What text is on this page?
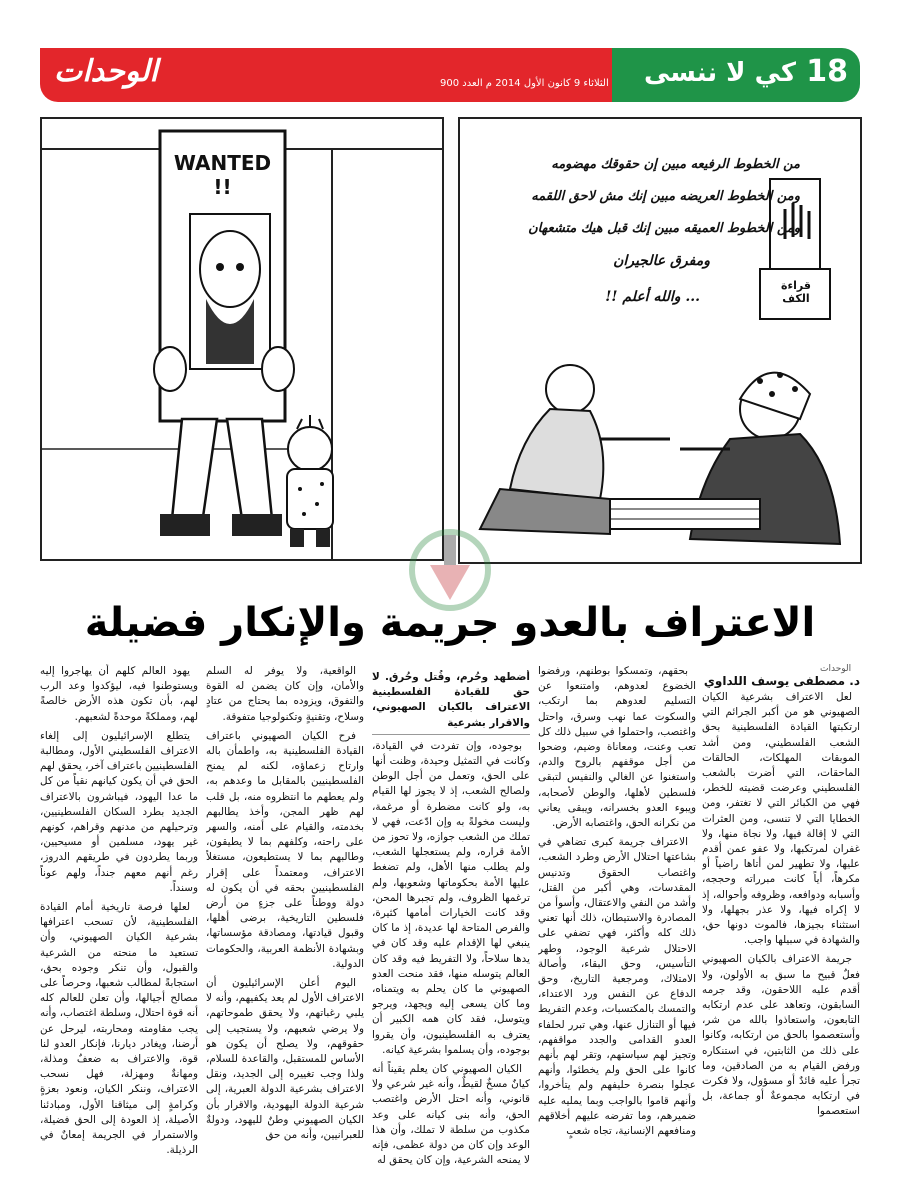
الوحدات	الثلاثاء 9 كانون الأول 2014 م العدد 900 كي لا ننسى 18
WANTED !!
من الخطوط الرفيعه مبين إن حقوقك مهضومه
ومن الخطوط العريضه مبين إنك مش لاحق اللقمه
ومن الخطوط العميقه مبين إنك قبل هيك متشعهان
ومفرق عالجيران
... والله أعلم !!
قراءة الكف
الاعتراف بالعدو جريمة والإنكار فضيلة
الوحدات
د. مصطفى يوسف اللداوي

لعل الاعتراف بشرعية الكيان الصهيوني هو من أكبر الجرائم التي ارتكبتها القيادة الفلسطينية بحق الشعب الفلسطيني، ومن أشد الموبقات المهلكات، الحالقات الماحقات، التي أضرت بالشعب الفلسطيني وعرضت قضيته للخطر، فهي من الكبائر التي لا تغتفر، ومن الخطايا التي لا تنسى، ومن العثرات التي لا إقالة فيها، ولا نجاة منها، ولا غفران لمرتكبها، ولا عفو عمن أقدم عليها، ولا تطهير لمن أتاها راضياً أو مكرهاً، أياً كانت مبرراته وحججه، وأسبابه ودوافعه، وظروفه وأحواله، إذ لا إكراه فيها، ولا عذر بجهلها، ولا استثناء بجيزها، فالموت دونها حق، والشهادة في سبيلها واجب.

جريمة الاعتراف بالكيان الصهيوني فعلٌ قبيح ما سبق به الأولون، ولا أقدم عليه اللاحقون، وقد جرمه السابقون، وتعاهد على عدم ارتكابه التابعون، واستعاذوا بالله من شر، وأستعصموا بالحق من ارتكابه، وكانوا على ذلك من الثابتين، في استنكاره ورفض القيام به من الصادقين، وما تجرأ عليه قائدٌ أو مسؤول، ولا فكرت في ارتكابه مجموعةٌ أو جماعة، بل استعصموا

بحقهم، وتمسكوا بوطنهم، ورفضوا الخضوع لعدوهم، وامتنعوا عن التسليم لعدوهم بما ارتكب، والسكوت عما نهب وسرق، واحتل واغتصب، واحتملوا في سبيل ذلك كل تعب وعنت، ومعاناة وضيم، وضحوا من أجل موقفهم بالروح والدم، واستغنوا عن الغالي والنفيس لتبقى فلسطين لأهلها، والوطن لأصحابه، ويبوء العدو بخسرانه، ويبقى يعاني من نكرانه الحق، واغتصابه الأرض.

الاعتراف جريمة كبرى تضاهي في بشاعتها احتلال الأرض وطرد الشعب، واغتصاب الحقوق وتدنيس المقدسات، وهي أكبر من القتل، وأشد من النفي والاعتقال، وأسوأ من المصادرة والاستيطان، ذلك أنها تعني ذلك كله وأكثر، فهي تضفي على الاحتلال شرعية الوجود، وطهر التأسيس، وحق البقاء، وأصالة الامتلاك، ومرجعية التاريخ، وحق الدفاع عن النفس ورد الاعتداء، والتمسك بالمكتسبات، وعدم التفريط فيها أو التنازل عنها، وهي تبرر لحلفاء العدو القدامى والجدد مواقفهم، وتجيز لهم سياستهم، وتقر لهم بأنهم كانوا على الحق ولم يخطئوا، وأنهم عجلوا بنصرة حليفهم ولم يتأخروا، وأنهم قاموا بالواجب وبما يمليه عليه ضميرهم، وما تفرضه عليهم أخلاقهم ومنافعهم الإنسانية، تجاه شعبٍ

أضطهد وحُرم، وقُتل وحُرق. لا حق للقيادة الفلسطينية الاعتراف بالكيان الصهيوني، والاقرار بشرعية

بوجوده، وإن تفردت في القيادة، وكانت في التمثيل وحيدة، وظنت أنها على الحق، وتعمل من أجل الوطن ولصالح الشعب، إذ لا يجوز لها القيام به، ولو كانت مضطرة أو مرغمة، وليست مخولةً به وإن ادّعت، فهي لا تملك من الشعب جوازه، ولا تحوز من الأمة قراره، ولم يستعجلها الشعب، ولم يطلب منها الأهل، ولم تضغط عليها الأمة بحكوماتها وشعوبها، ولم ترغمها الظروف، ولم تجبرها المحن، وقد كانت الخيارات أمامها كثيرة، والفرص المتاحة لها عديدة، إذ ما كان ينبغي لها الإقدام عليه وقد كان في يدها سلاحاً، ولا التفريط فيه وقد كان العالم يتوسله منها، فقد منحت العدو الصهيوني ما كان يحلم به ويتمناه، وما كان يسعى إليه ويجهد، ويرجو ويتوسل، فقد كان همه الكبير أن يعترف به الفلسطينيون، وأن يقروا بوجوده، وأن يسلموا بشرعية كيانه.

الكيان الصهيوني كان يعلم يقيناً أنه كيانٌ مسخٌ لقيطٌ، وأنه غير شرعي ولا قانوني، وأنه احتل الأرض واغتصب الحق، وأنه بنى كيانه على وعد مكذوب من سلطة لا تملك، وأن هذا الوعد وإن كان من دولة عظمى، فإنه لا يمنحه الشرعية، وإن كان يحقق له

الواقعية، ولا يوفر له السلم والأمان، وإن كان يضمن له القوة والتفوق، ويزوده بما يحتاج من عتادٍ وسلاح، وتقنيةٍ وتكنولوجيا متفوقة.

فرح الكيان الصهيوني باعتراف القيادة الفلسطينية به، واطمأن باله وارتاح زعماؤه، لكنه لم يمنح الفلسطينيين بالمقابل ما وعدهم به، ولم يعطهم ما انتظروه منه، بل قلب لهم ظهر المجن، وأخذ يطالبهم بخدمته، والقيام على أمنه، والسهر على راحته، وكلفهم بما لا يطيقون، وطالبهم بما لا يستطيعون، مستغلاً الاعتراف، ومعتمداً على إقرار الفلسطينيين بحقه في أن يكون له دولة ووطناً على جزءٍ من أرض فلسطين التاريخية، برضى أهلها، وقبول قيادتها، ومصادقة مؤسساتها، وبشهادة الأنظمة العربية، والحكومات الدولية.

اليوم أعلن الإسرائيليون أن الاعتراف الأول لم يعد يكفيهم، وأنه لا يلبي رغباتهم، ولا يحقق طموحاتهم، ولا يرضي شعبهم، ولا يستجيب إلى حقوقهم، ولا يصلح أن يكون هو الأساس للمستقبل، والقاعدة للسلام، ولذا وجب تغييره إلى الجديد، ونقل الاعتراف بشرعية الدولة العبرية، إلى شرعية الدولة اليهودية، والاقرار بأن الكيان الصهيوني وطنٌ لليهود، ودولةٌ للعبرانيين، وأنه من حق

يهود العالم كلهم أن يهاجروا إليه ويستوطنوا فيه، ليؤكدوا وعد الرب لهم، بأن تكون هذه الأرض خالصةً لهم، ومملكةً موحدةً لشعبهم.

يتطلع الإسرائيليون إلى إلغاء الاعتراف الفلسطيني الأول، ومطالبة الفلسطينيين باعتراف آخر، يحقق لهم الحق في أن يكون كيانهم نقياً من كل ما عدا اليهود، فيباشرون بالاعتراف الجديد بطرد السكان الفلسطينيين، وترحيلهم من مدنهم وقراهم، كونهم غير يهود، مسلمين أو مسيحيين، وربما يطردون في طريقهم الدروز، رغم أنهم معهم جنداً، ولهم عوناً وسنداً.

لعلها فرصة تاريخية أمام القيادة الفلسطينية، لأن تسحب اعترافها بشرعية الكيان الصهيوني، وأن تستعيد ما منحته من الشرعية والقبول، وأن تنكر وجوده بحق، استجابةً لمطالب شعبها، وحرصاً على مصالح أجيالها، وأن تعلن للعالم كله أنه قوة احتلال، وسلطة اغتصاب، وأنه يجب مقاومته ومحاربته، ليرحل عن أرضنا، ويغادر ديارنا، فإنكار العدو لنا قوة، والاعتراف به ضعفٌ ومذلة، ومهانةٌ ومهزلة، فهل نسحب الاعتراف، وننكر الكيان، ونعود بعزةٍ وكرامةٍ إلى ميثاقنا الأول، ومبادئنا الأصيلة، إذ العودة إلى الحق فضيلة، والاستمرار في الجريمة إمعانٌ في الرذيلة.
